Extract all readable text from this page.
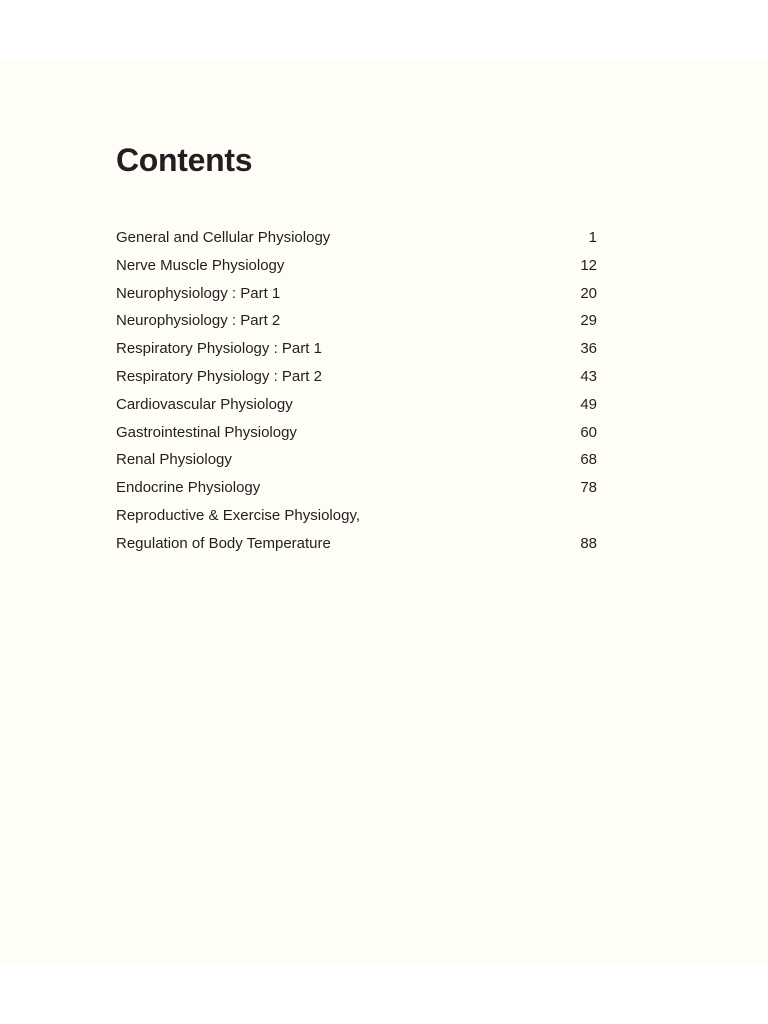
Contents
General and Cellular Physiology	1
Nerve Muscle Physiology	12
Neurophysiology : Part 1	20
Neurophysiology : Part 2	29
Respiratory Physiology : Part 1	36
Respiratory Physiology : Part 2	43
Cardiovascular Physiology	49
Gastrointestinal Physiology	60
Renal Physiology	68
Endocrine Physiology	78
Reproductive & Exercise Physiology,
Regulation of Body Temperature	88
